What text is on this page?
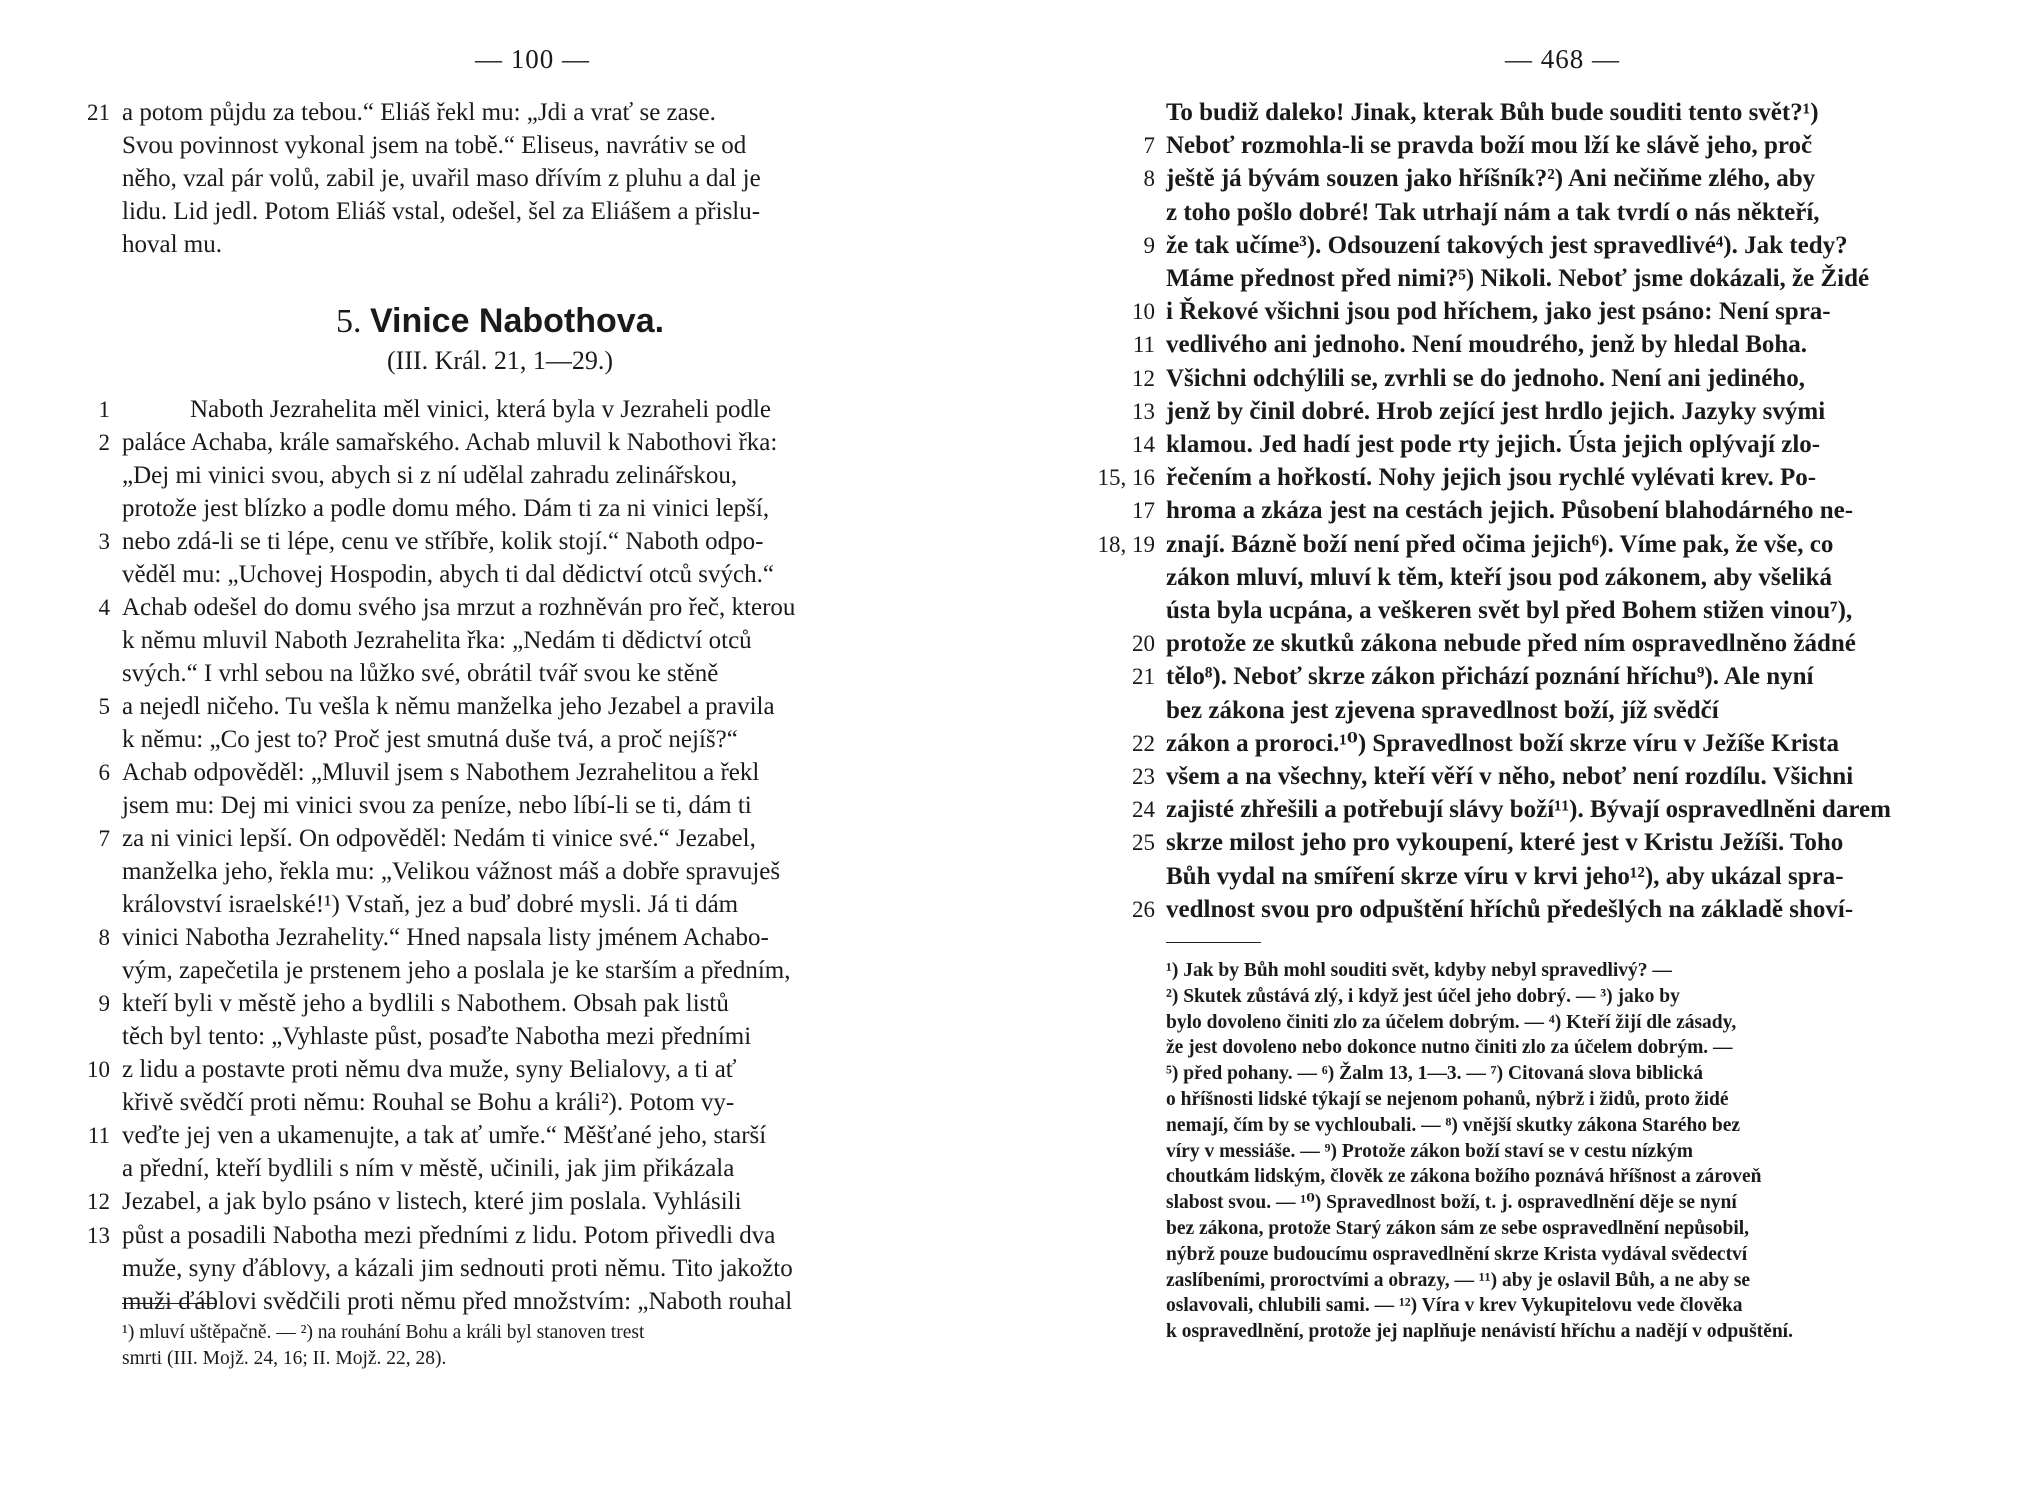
— 100 —
21 a potom půjdu za tebou.“ Eliáš řekl mu: „Jdi a vrať se zase.
Svou povinnost vykonal jsem na tobě.“ Eliseus, navrátiv se od
něho, vzal pár volů, zabil je, uvařil maso dřívím z pluhu a dal je
lidu. Lid jedl. Potom Eliáš vstal, odešel, šel za Eliášem a přislu-
hoval mu.
5. Vinice Nabothova.
(III. Král. 21, 1—29.)
1	Naboth Jezrahelita měl vinici, která byla v Jezraheli podle
2 paláce Achaba, krále samařského. Achab mluvil k Nabothovi řka:
„Dej mi vinici svou, abych si z ní udělal zahradu zelinářskou,
protože jest blízko a podle domu mého. Dám ti za ni vinici lepší,
3 nebo zdá-li se ti lépe, cenu ve stříbře, kolik stojí.“ Naboth odpo-
věděl mu: „Uchovej Hospodin, abych ti dal dědictví otců svých.“
4 Achab odešel do domu svého jsa mrzut a rozhněván pro řeč, kterou
k němu mluvil Naboth Jezrahelita řka: „Nedám ti dědictví otců
svých.“ I vrhl sebou na lůžko své, obrátil tvář svou ke stěně
5 a nejedl ničeho. Tu vešla k němu manželka jeho Jezabel a pravila
k němu: „Co jest to? Proč jest smutná duše tvá, a proč nejíš?“
6 Achab odpověděl: „Mluvil jsem s Nabothem Jezrahelitou a řekl
jsem mu: Dej mi vinici svou za peníze, nebo líbí-li se ti, dám ti
7 za ni vinici lepší. On odpověděl: Nedám ti vinice své.“ Jezabel,
manželka jeho, řekla mu: „Velikou vážnost máš a dobře spravuješ
království israelské!¹) Vstaň, jez a buď dobré mysli. Já ti dám
8 vinici Nabotha Jezrahelity.“ Hned napsala listy jménem Achabo-
vým, zapečetila je prstenem jeho a poslala je ke starším a předním,
9 kteří byli v městě jeho a bydlili s Nabothem. Obsah pak listů
těch byl tento: „Vyhlaste půst, posaďte Nabotha mezi předními
10 z lidu a postavte proti němu dva muže, syny Belialovy, a ti ať
křivě svědčí proti němu: Rouhal se Bohu a králi²). Potom vy-
11 veďte jej ven a ukamenujte, a tak ať umře.“ Měšťané jeho, starší
a přední, kteří bydlili s ním v městě, učinili, jak jim přikázala
12 Jezabel, a jak bylo psáno v listech, které jim poslala. Vyhlásili
13 půst a posadili Nabotha mezi předními z lidu. Potom přivedli dva
muže, syny ďáblovy, a kázali jim sednouti proti němu. Tito jakožto
muži ďáblovi svědčili proti němu před množstvím: „Naboth rouhal
¹) mluví uštěpačně. — ²) na rouhání Bohu a králi byl stanoven trest
smrti (III. Mojž. 24, 16; II. Mojž. 22, 28).
— 468 —
To budiž daleko! Jinak, kterak Bůh bude souditi tento svět?¹)
7 Neboť rozmohla-li se pravda boží mou lží ke slávě jeho, proč
8 ještě já bývám souzen jako hříšník?²) Ani nečiňme zlého, aby
z toho pošlo dobré! Tak utrhají nám a tak tvrdí o nás někteří,
9 že tak učíme³). Odsouzení takových jest spravedlivé⁴). Jak tedy?
Máme přednost před nimi?⁵) Nikoli. Neboť jsme dokázali, že Židé
10 i Řekové všichni jsou pod hříchem, jako jest psáno: Není spra-
11 vedlivého ani jednoho. Není moudrého, jenž by hledal Boha.
12 Všichni odchýlili se, zvrhli se do jednoho. Není ani jediného,
13 jenž by činil dobré. Hrob zející jest hrdlo jejich. Jazyky svými
14 klamou. Jed hadí jest pode rty jejich. Ústa jejich oplývají zlo-
15, 16 řečením a hořkostí. Nohy jejich jsou rychlé vylévati krev. Po-
17 hroma a zkáza jest na cestách jejich. Působení blahodárného ne-
18, 19 znají. Bázně boží není před očima jejich⁶). Víme pak, že vše, co
zákon mluví, mluví k těm, kteří jsou pod zákonem, aby všeliká
ústa byla ucpána, a veškeren svět byl před Bohem stižen vinou⁷),
20 protože ze skutků zákona nebude před ním ospravedlněno žádné
21 tělo⁸). Neboť skrze zákon přichází poznání hříchu⁹). Ale nyní
bez zákona jest zjevena spravedlnost boží, jíž svědčí
22 zákon a proroci.¹⁰) Spravedlnost boží skrze víru v Ježíše Krista
23 všem a na všechny, kteří věří v něho, neboť není rozdílu. Všichni
24 zajisté zhřešili a potřebují slávy boží¹¹). Bývají ospravedlněni darem
25 skrze milost jeho pro vykoupení, které jest v Kristu Ježíši. Toho
Bůh vydal na smíření skrze víru v krvi jeho¹²), aby ukázal spra-
26 vedlnost svou pro odpuštění hříchů předešlých na základě shoví-
¹) Jak by Bůh mohl souditi svět, kdyby nebyl spravedlivý? —
²) Skutek zůstává zlý, i když jest účel jeho dobrý. — ³) jako by
bylo dovoleno činiti zlo za účelem dobrým. — ⁴) Kteří žijí dle zásady,
že jest dovoleno nebo dokonce nutno činiti zlo za účelem dobrým. —
⁵) před pohany. — ⁶) Žalm 13, 1—3. — ⁷) Citovaná slova biblická
o hříšnosti lidské týkají se nejenom pohanů, nýbrž i židů, proto židé
nemají, čím by se vychloubali. — ⁸) vnější skutky zákona Starého bez
víry v messiáše. — ⁹) Protože zákon boží staví se v cestu nízkým
choutkám lidským, člověk ze zákona božího poznává hříšnost a zároveň
slabost svou. — ¹⁰) Spravedlnost boží, t. j. ospravedlnění děje se nyní
bez zákona, protože Starý zákon sám ze sebe ospravedlnění nepůsobil,
nýbrž pouze budoucímu ospravedlnění skrze Krista vydával svědectví
zaslíbeními, proroctvími a obrazy, — ¹¹) aby je oslavil Bůh, a ne aby se
oslavovali, chlubili sami. — ¹²) Víra v krev Vykupitelovu vede člověka
k ospravedlnění, protože jej naplňuje nenávistí hříchu a nadějí v odpuštění.
